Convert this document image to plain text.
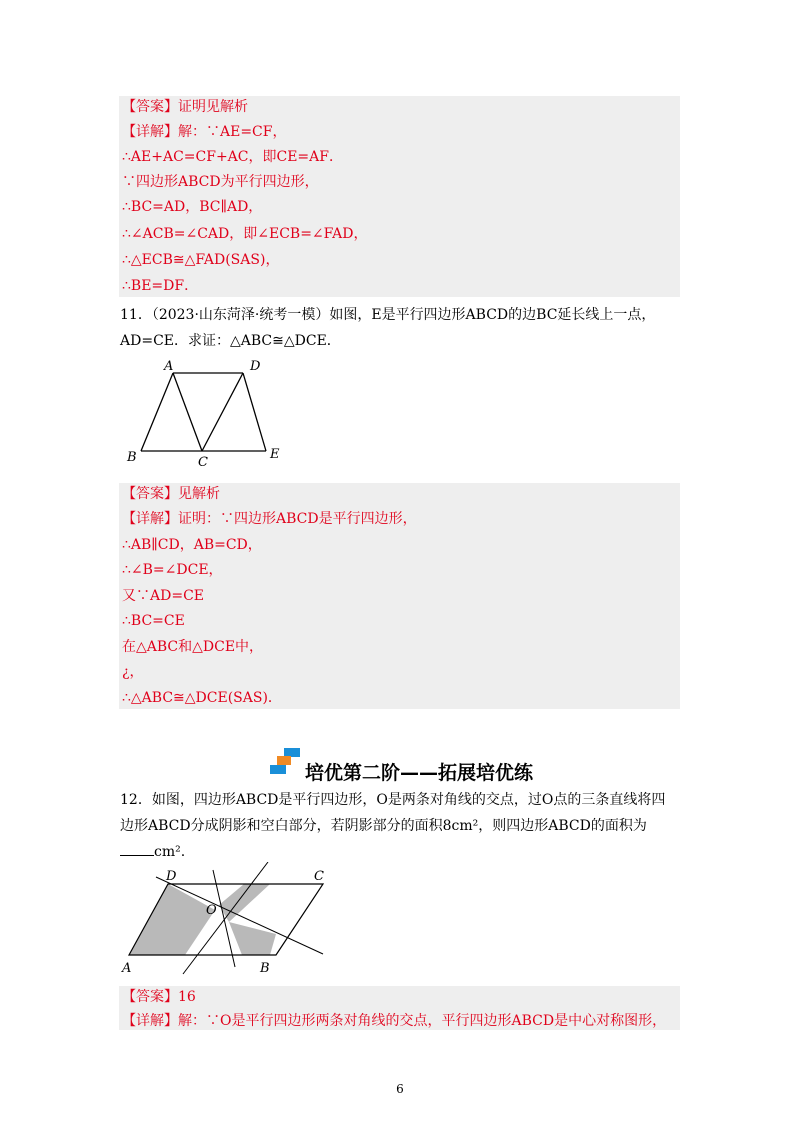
【答案】证明见解析
【详解】解：∵AE=CF，
∴AE+AC=CF+AC，即CE=AF．
∵四边形ABCD为平行四边形，
∴BC=AD，BC∥AD，
∴∠ACB=∠CAD，即∠ECB=∠FAD，
∴△ECB≅△FAD(SAS)，
∴BE=DF．
11．（2023·山东菏泽·统考一模）如图，E是平行四边形ABCD的边BC延长线上一点，
AD=CE．求证：△ABC≅△DCE．
A	D
B	C
E
【答案】见解析
【详解】证明：∵四边形ABCD是平行四边形，
∴AB∥CD，AB=CD，
∴∠B=∠DCE，
又∵AD=CE
∴BC=CE
在△ABC和△DCE中，
¿，
∴△ABC≅△DCE(SAS)．
培优第二阶——拓展培优练
12．如图，四边形ABCD是平行四边形，O是两条对角线的交点，过O点的三条直线将四
边形ABCD分成阴影和空白部分，若阴影部分的面积8cm²，则四边形ABCD的面积为
cm².
D	C
O
A	B
【答案】16
【详解】解：∵O是平行四边形两条对角线的交点，平行四边形ABCD是中心对称图形，
6
